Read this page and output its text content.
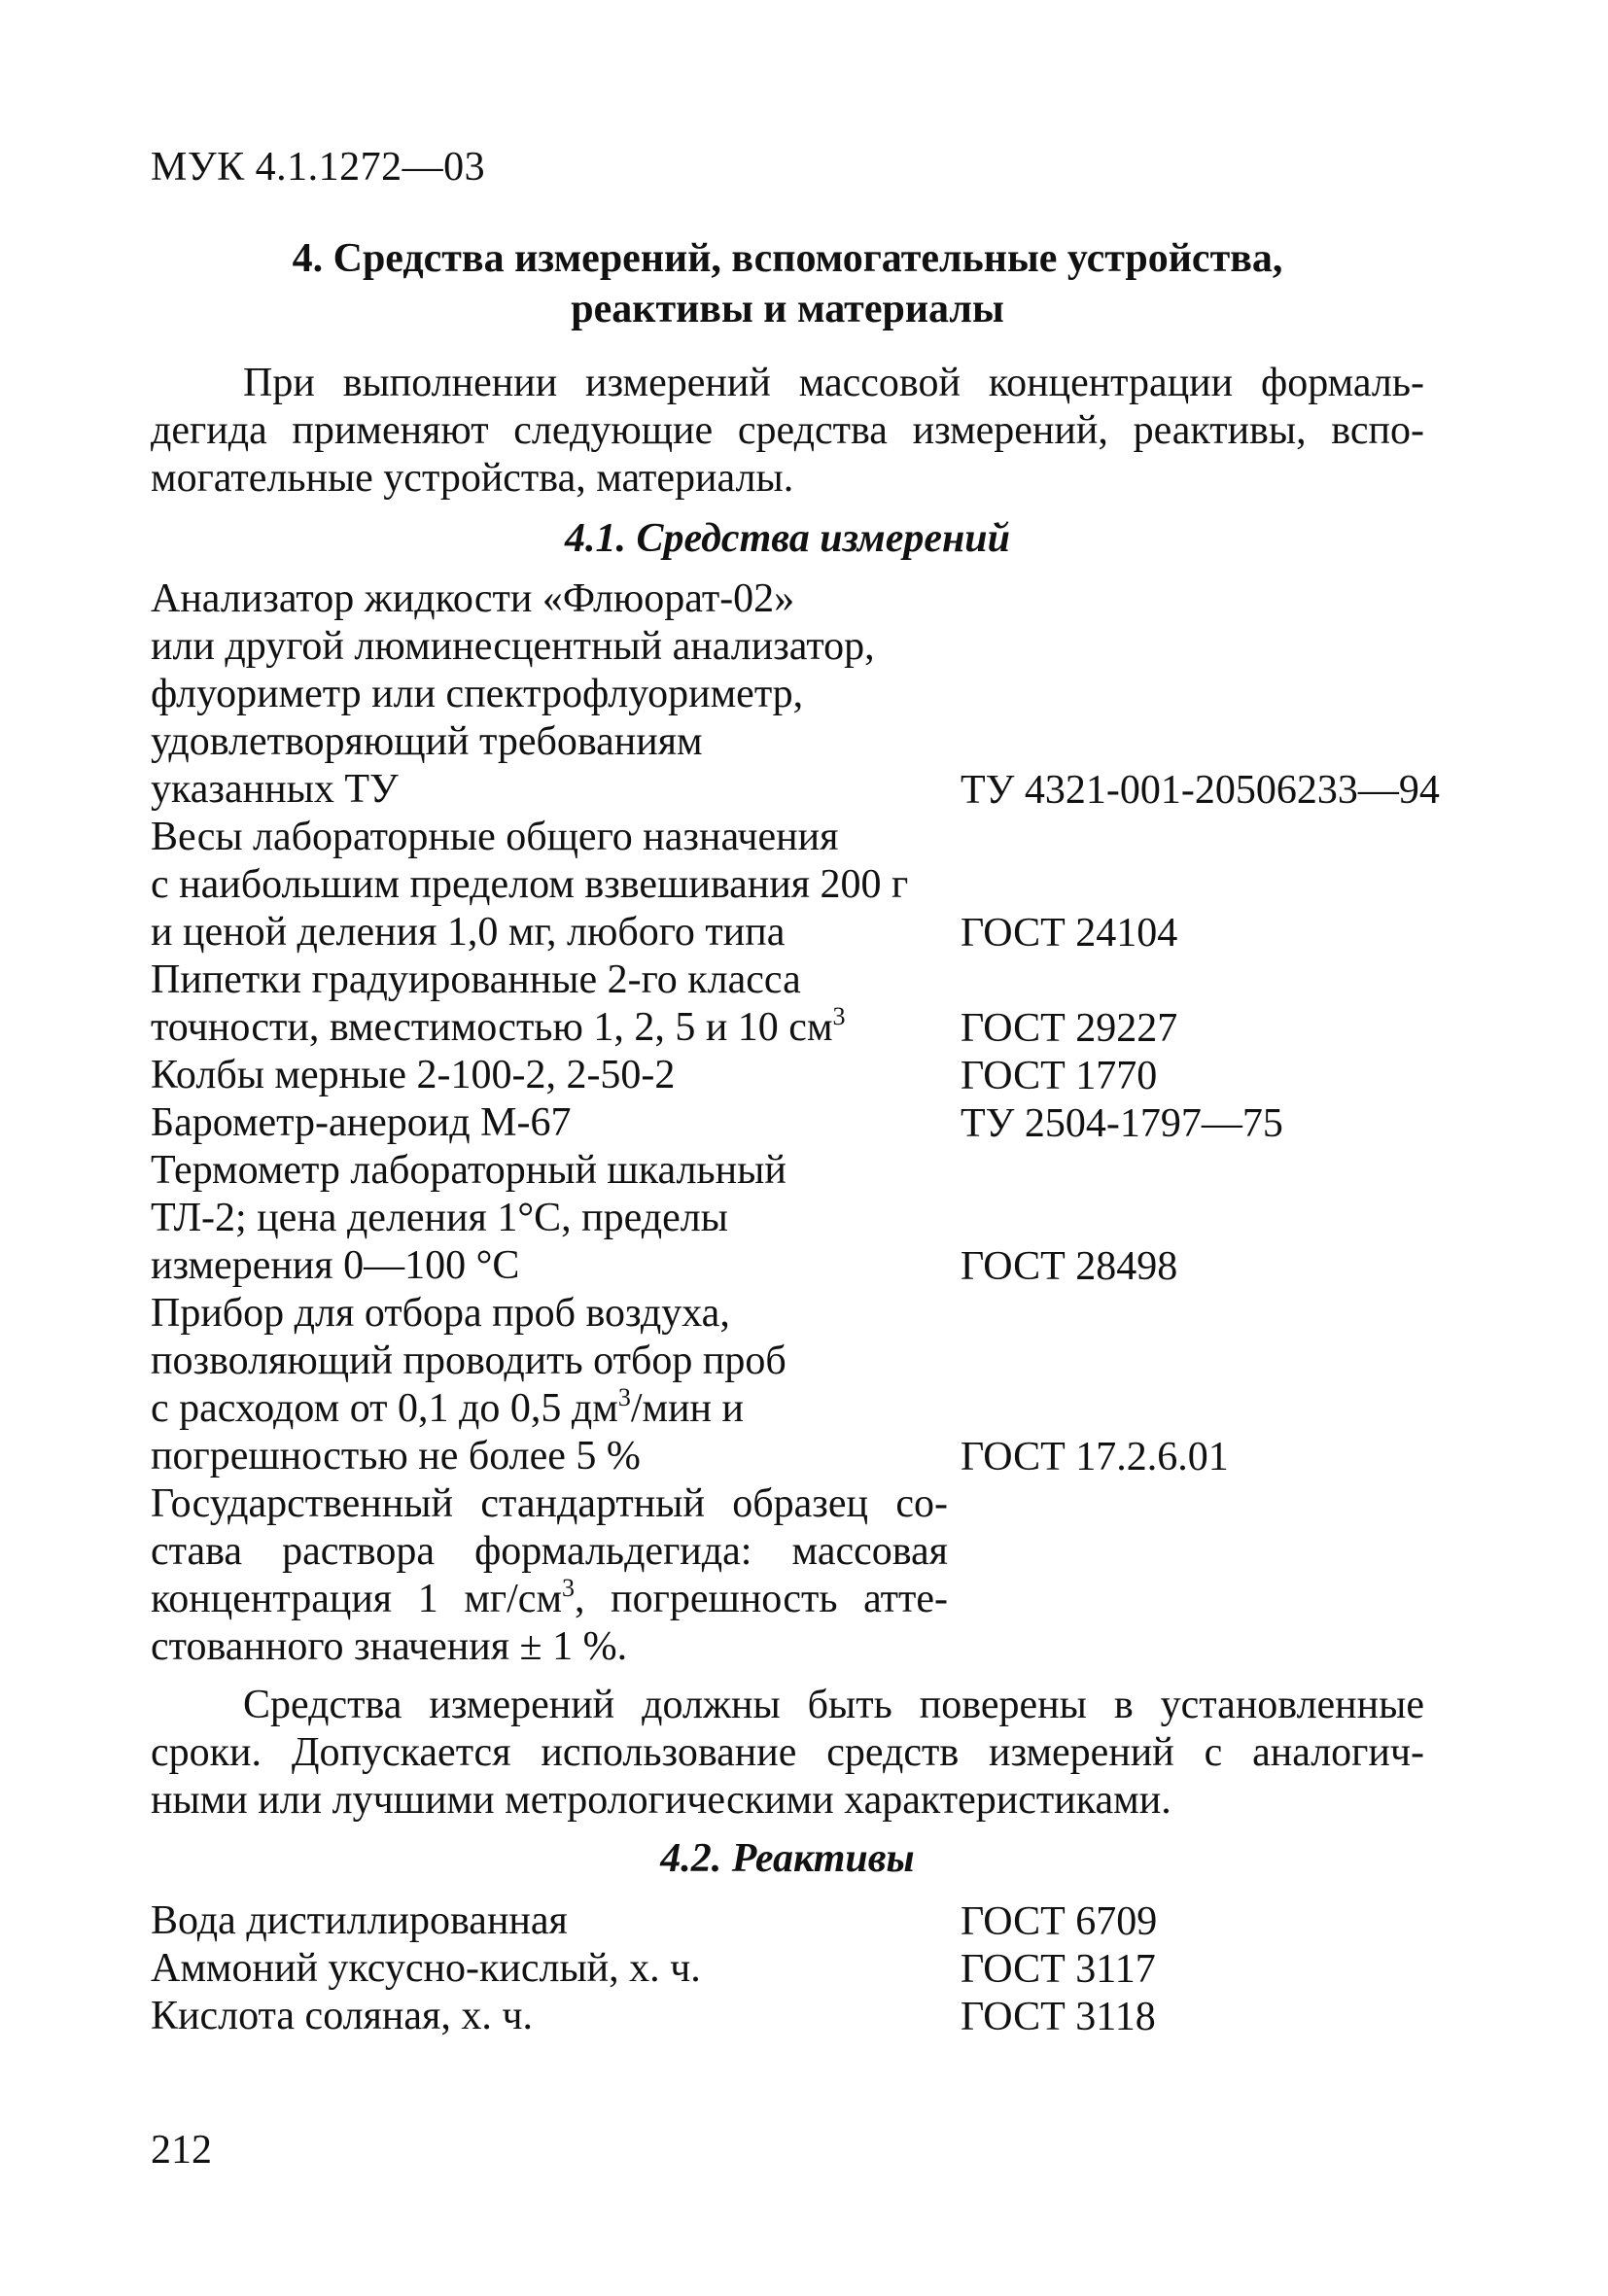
МУК 4.1.1272—03
4. Средства измерений, вспомогательные устройства,
реактивы и материалы
При выполнении измерений массовой концентрации формаль-
дегида применяют следующие средства измерений, реактивы, вспо-
могательные устройства, материалы.
4.1. Средства измерений
Анализатор жидкости «Флюорат-02»
или другой люминесцентный анализатор,
флуориметр или спектрофлуориметр,
удовлетворяющий требованиям
указанных ТУ	ТУ 4321-001-20506233—94
Весы лабораторные общего назначения
с наибольшим пределом взвешивания 200 г
и ценой деления 1,0 мг, любого типа	ГОСТ 24104
Пипетки градуированные 2-го класса
точности, вместимостью 1, 2, 5 и 10 $см^3$	ГОСТ 29227
Колбы мерные 2-100-2, 2-50-2	ГОСТ 1770
Барометр-анероид М-67	ТУ 2504-1797—75
Термометр лабораторный шкальный
ТЛ-2; цена деления 1°С, пределы
измерения 0—100 °С	ГОСТ 28498
Прибор для отбора проб воздуха,
позволяющий проводить отбор проб
с расходом от 0,1 до 0,5 $дм^3$/мин и
погрешностью не более 5 %	ГОСТ 17.2.6.01
Государственный стандартный образец со-
става раствора формальдегида: массовая
концентрация 1 $мг/см^3$, погрешность атте-
стованного значения ± 1 %.
Средства измерений должны быть поверены в установленные
сроки. Допускается использование средств измерений с аналогич-
ными или лучшими метрологическими характеристиками.
4.2. Реактивы
Вода дистиллированная	ГОСТ 6709
Аммоний уксусно-кислый, х. ч.	ГОСТ 3117
Кислота соляная, х. ч.	ГОСТ 3118
212
